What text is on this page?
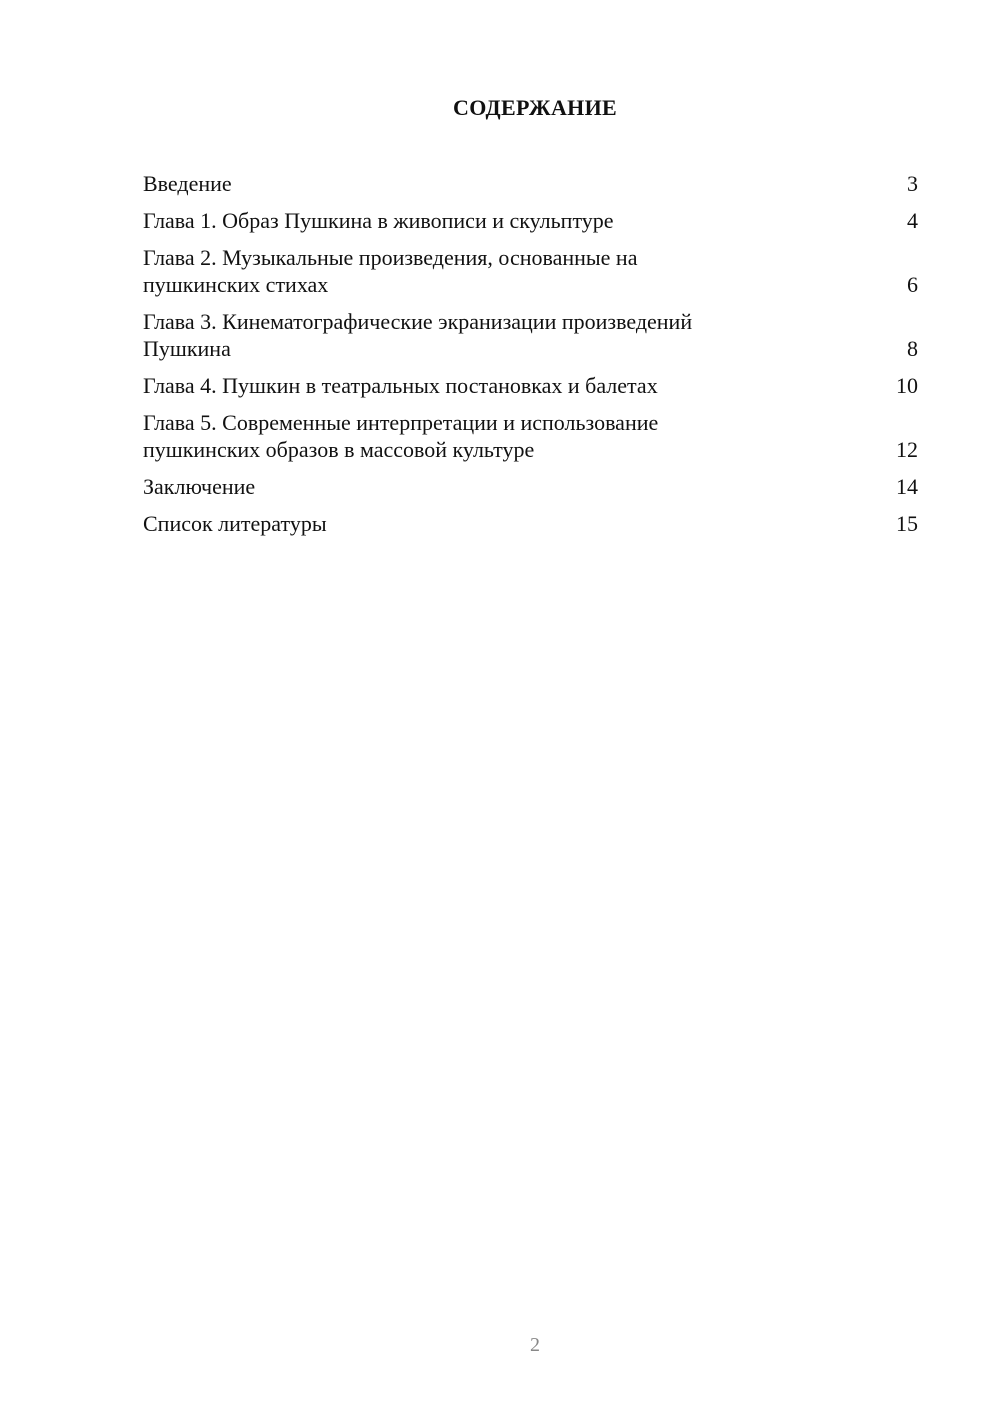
СОДЕРЖАНИЕ
Введение	3
Глава 1. Образ Пушкина в живописи и скульптуре	4
Глава 2. Музыкальные произведения, основанные на
пушкинских стихах	6
Глава 3. Кинематографические экранизации произведений
Пушкина	8
Глава 4. Пушкин в театральных постановках и балетах	10
Глава 5. Современные интерпретации и использование
пушкинских образов в массовой культуре	12
Заключение	14
Список литературы	15
2
